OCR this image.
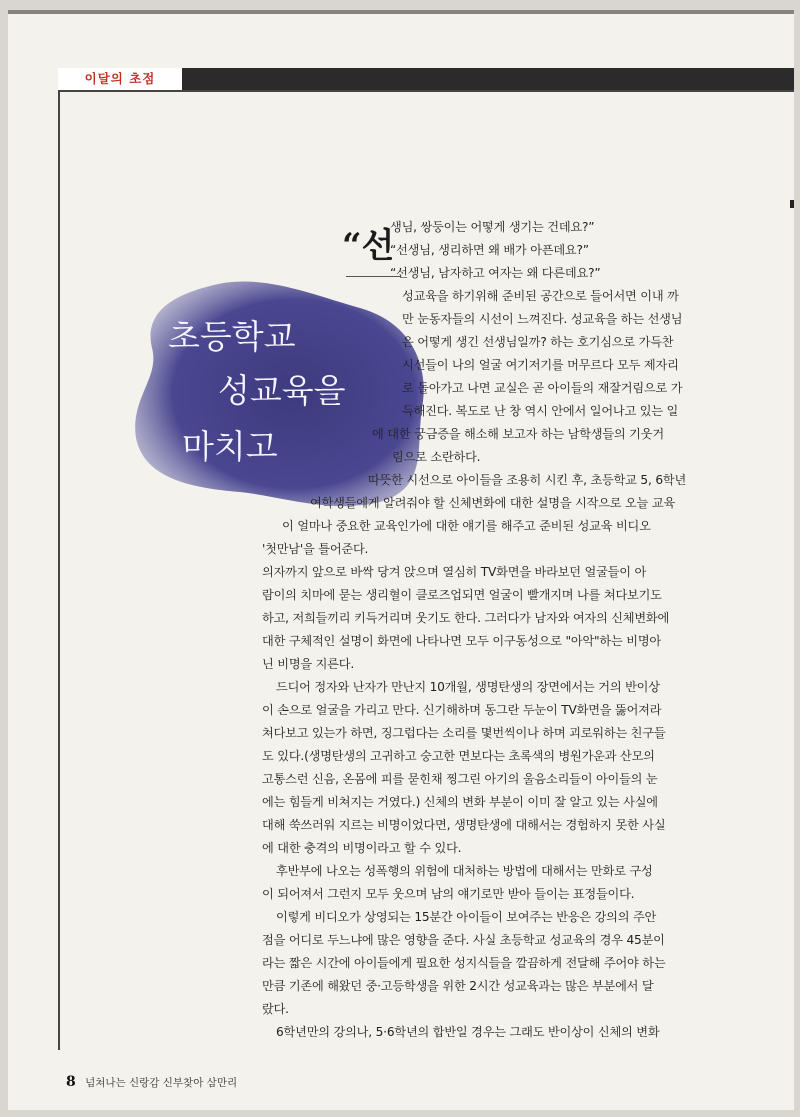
이달의 초점
초등학교
성교육을
마치고
“선
생님, 쌍둥이는 어떻게 생기는 건데요?”
“선생님, 생리하면 왜 배가 아픈데요?”
“선생님, 남자하고 여자는 왜 다른데요?”
성교육을 하기위해 준비된 공간으로 들어서면 이내 까
만 눈동자들의 시선이 느껴진다. 성교육을 하는 선생님
은 어떻게 생긴 선생님일까? 하는 호기심으로 가득찬
시선들이 나의 얼굴 여기저기를 머무르다 모두 제자리
로 돌아가고 나면 교실은 곧 아이들의 재잘거림으로 가
득해진다. 복도로 난 창 역시 안에서 일어나고 있는 일
에 대한 궁금증을 해소해 보고자 하는 남학생들의 기웃거
림으로 소란하다.
따뜻한 시선으로 아이들을 조용히 시킨 후, 초등학교 5, 6학년
여학생들에게 알려줘야 할 신체변화에 대한 설명을 시작으로 오늘 교육
이 얼마나 중요한 교육인가에 대한 얘기를 해주고 준비된 성교육 비디오
'첫만남'을 틀어준다.
의자까지 앞으로 바싹 당겨 앉으며 열심히 TV화면을 바라보던 얼굴들이 아
람이의 치마에 묻는 생리혈이 클로즈업되면 얼굴이 빨개지며 나를 쳐다보기도
하고, 저희들끼리 키득거리며 웃기도 한다. 그러다가 남자와 여자의 신체변화에
대한 구체적인 설명이 화면에 나타나면 모두 이구동성으로 "아악"하는 비명아
닌 비명을 지른다.
드디어 정자와 난자가 만난지 10개월, 생명탄생의 장면에서는 거의 반이상
이 손으로 얼굴을 가리고 만다. 신기해하며 동그란 두눈이 TV화면을 뚫어져라
쳐다보고 있는가 하면, 징그럽다는 소리를 몇번씩이나 하며 괴로워하는 친구들
도 있다.(생명탄생의 고귀하고 숭고한 면보다는 초록색의 병원가운과 산모의
고통스런 신음, 온몸에 피를 묻힌채 찡그린 아기의 울음소리들이 아이들의 눈
에는 힘들게 비쳐지는 거였다.) 신체의 변화 부분이 이미 잘 알고 있는 사실에
대해 쑥쓰러워 지르는 비명이었다면, 생명탄생에 대해서는 경험하지 못한 사실
에 대한 충격의 비명이라고 할 수 있다.
후반부에 나오는 성폭행의 위험에 대처하는 방법에 대해서는 만화로 구성
이 되어져서 그런지 모두 웃으며 남의 얘기로만 받아 들이는 표정들이다.
이렇게 비디오가 상영되는 15분간 아이들이 보여주는 반응은 강의의 주안
점을 어디로 두느냐에 많은 영향을 준다. 사실 초등학교 성교육의 경우 45분이
라는 짧은 시간에 아이들에게 필요한 성지식들을 깔끔하게 전달해 주어야 하는
만큼 기존에 해왔던 중·고등학생을 위한 2시간 성교육과는 많은 부분에서 달
랐다.
6학년만의 강의나, 5·6학년의 합반일 경우는 그래도 반이상이 신체의 변화
8 넘쳐나는 신랑감 신부찾아 삼만리
